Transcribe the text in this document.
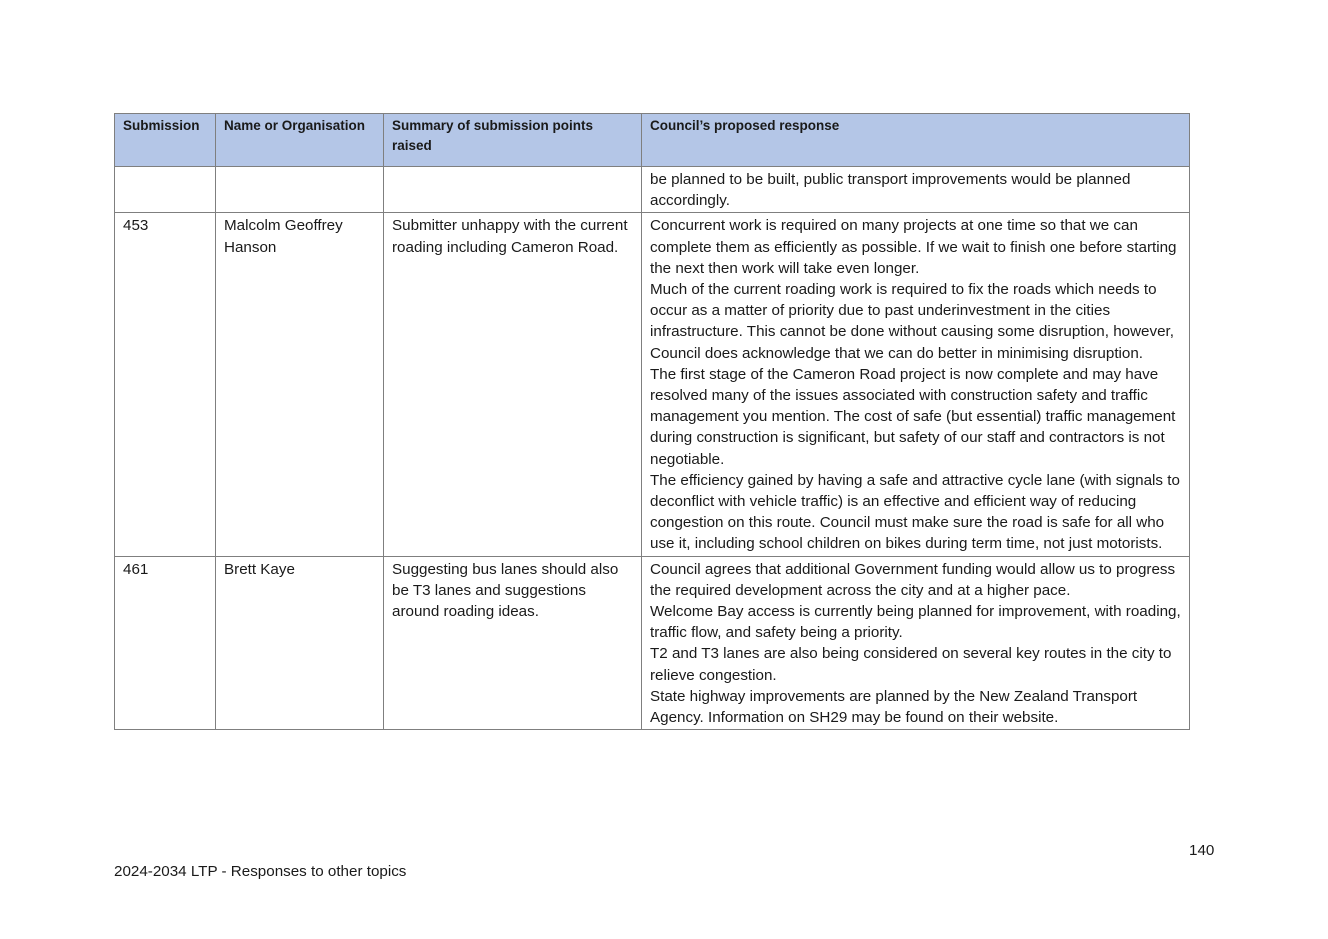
Submission	Name or Organisation	Summary of submission points raised	Council’s proposed response

			be planned to be built, public transport improvements would be planned accordingly.

453	Malcolm Geoffrey Hanson	Submitter unhappy with the current roading including Cameron Road.	Concurrent work is required on many projects at one time so that we can complete them as efficiently as possible. If we wait to finish one before starting the next then work will take even longer.

Much of the current roading work is required to fix the roads which needs to occur as a matter of priority due to past underinvestment in the cities infrastructure. This cannot be done without causing some disruption, however, Council does acknowledge that we can do better in minimising disruption.

The first stage of the Cameron Road project is now complete and may have resolved many of the issues associated with construction safety and traffic management you mention. The cost of safe (but essential) traffic management during construction is significant, but safety of our staff and contractors is not negotiable.

The efficiency gained by having a safe and attractive cycle lane (with signals to deconflict with vehicle traffic) is an effective and efficient way of reducing congestion on this route. Council must make sure the road is safe for all who use it, including school children on bikes during term time, not just motorists.

461	Brett Kaye	Suggesting bus lanes should also be T3 lanes and suggestions around roading ideas.	Council agrees that additional Government funding would allow us to progress the required development across the city and at a higher pace.

Welcome Bay access is currently being planned for improvement, with roading, traffic flow, and safety being a priority.

T2 and T3 lanes are also being considered on several key routes in the city to relieve congestion.

State highway improvements are planned by the New Zealand Transport Agency. Information on SH29 may be found on their website.

140
2024-2034 LTP - Responses to other topics
